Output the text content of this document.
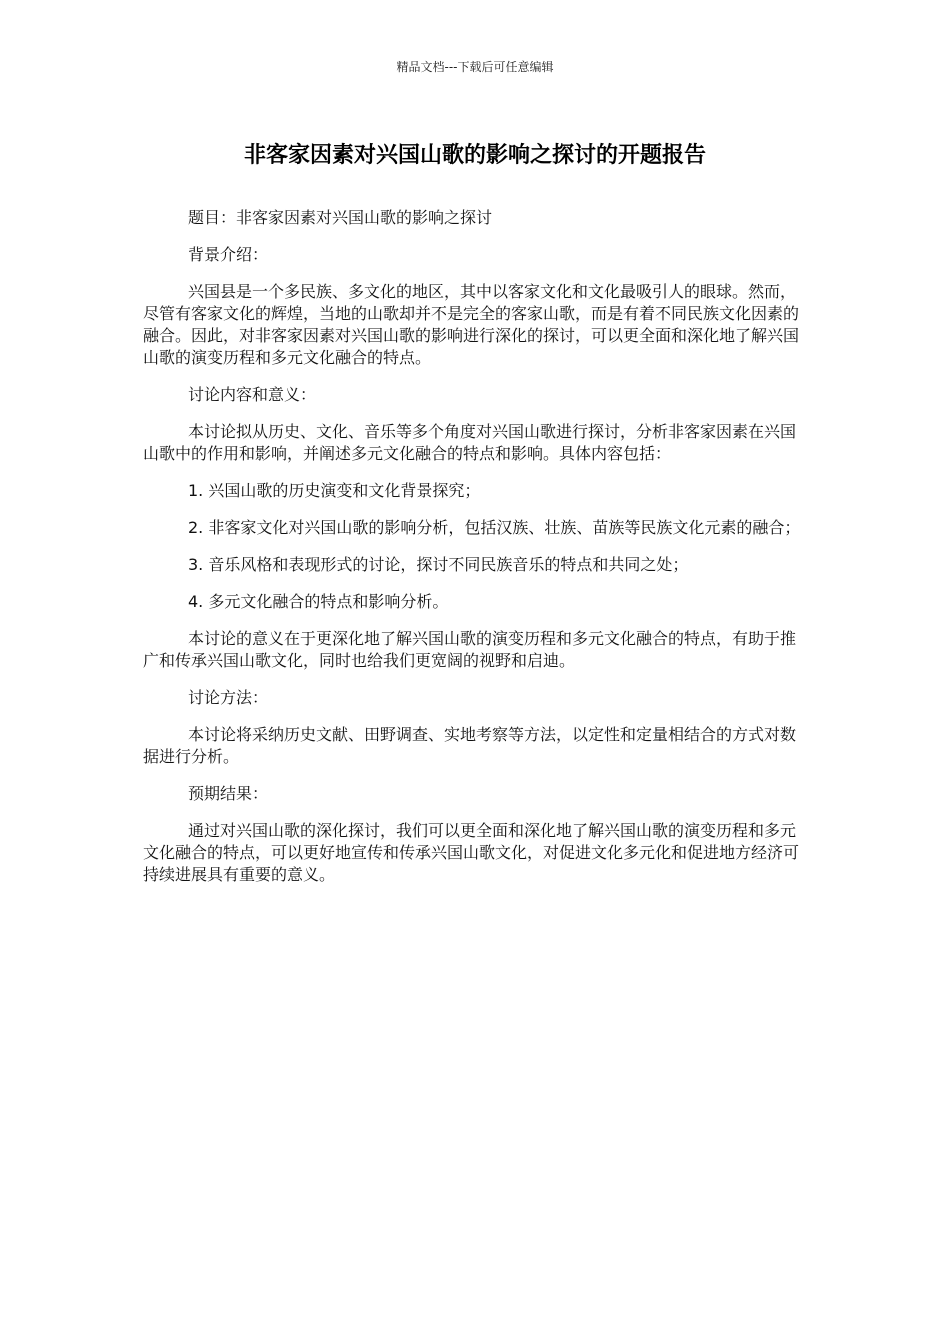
精品文档---下载后可任意编辑
非客家因素对兴国山歌的影响之探讨的开题报告

题目：非客家因素对兴国山歌的影响之探讨

背景介绍：

兴国县是一个多民族、多文化的地区，其中以客家文化和文化最吸引人的眼球。然而，尽管有客家文化的辉煌，当地的山歌却并不是完全的客家山歌，而是有着不同民族文化因素的融合。因此，对非客家因素对兴国山歌的影响进行深化的探讨，可以更全面和深化地了解兴国山歌的演变历程和多元文化融合的特点。

讨论内容和意义：

本讨论拟从历史、文化、音乐等多个角度对兴国山歌进行探讨，分析非客家因素在兴国山歌中的作用和影响，并阐述多元文化融合的特点和影响。具体内容包括：

1. 兴国山歌的历史演变和文化背景探究；

2. 非客家文化对兴国山歌的影响分析，包括汉族、壮族、苗族等民族文化元素的融合；

3. 音乐风格和表现形式的讨论，探讨不同民族音乐的特点和共同之处；

4. 多元文化融合的特点和影响分析。

本讨论的意义在于更深化地了解兴国山歌的演变历程和多元文化融合的特点，有助于推广和传承兴国山歌文化，同时也给我们更宽阔的视野和启迪。

讨论方法：

本讨论将采纳历史文献、田野调查、实地考察等方法，以定性和定量相结合的方式对数据进行分析。

预期结果：

通过对兴国山歌的深化探讨，我们可以更全面和深化地了解兴国山歌的演变历程和多元文化融合的特点，可以更好地宣传和传承兴国山歌文化，对促进文化多元化和促进地方经济可持续进展具有重要的意义。
